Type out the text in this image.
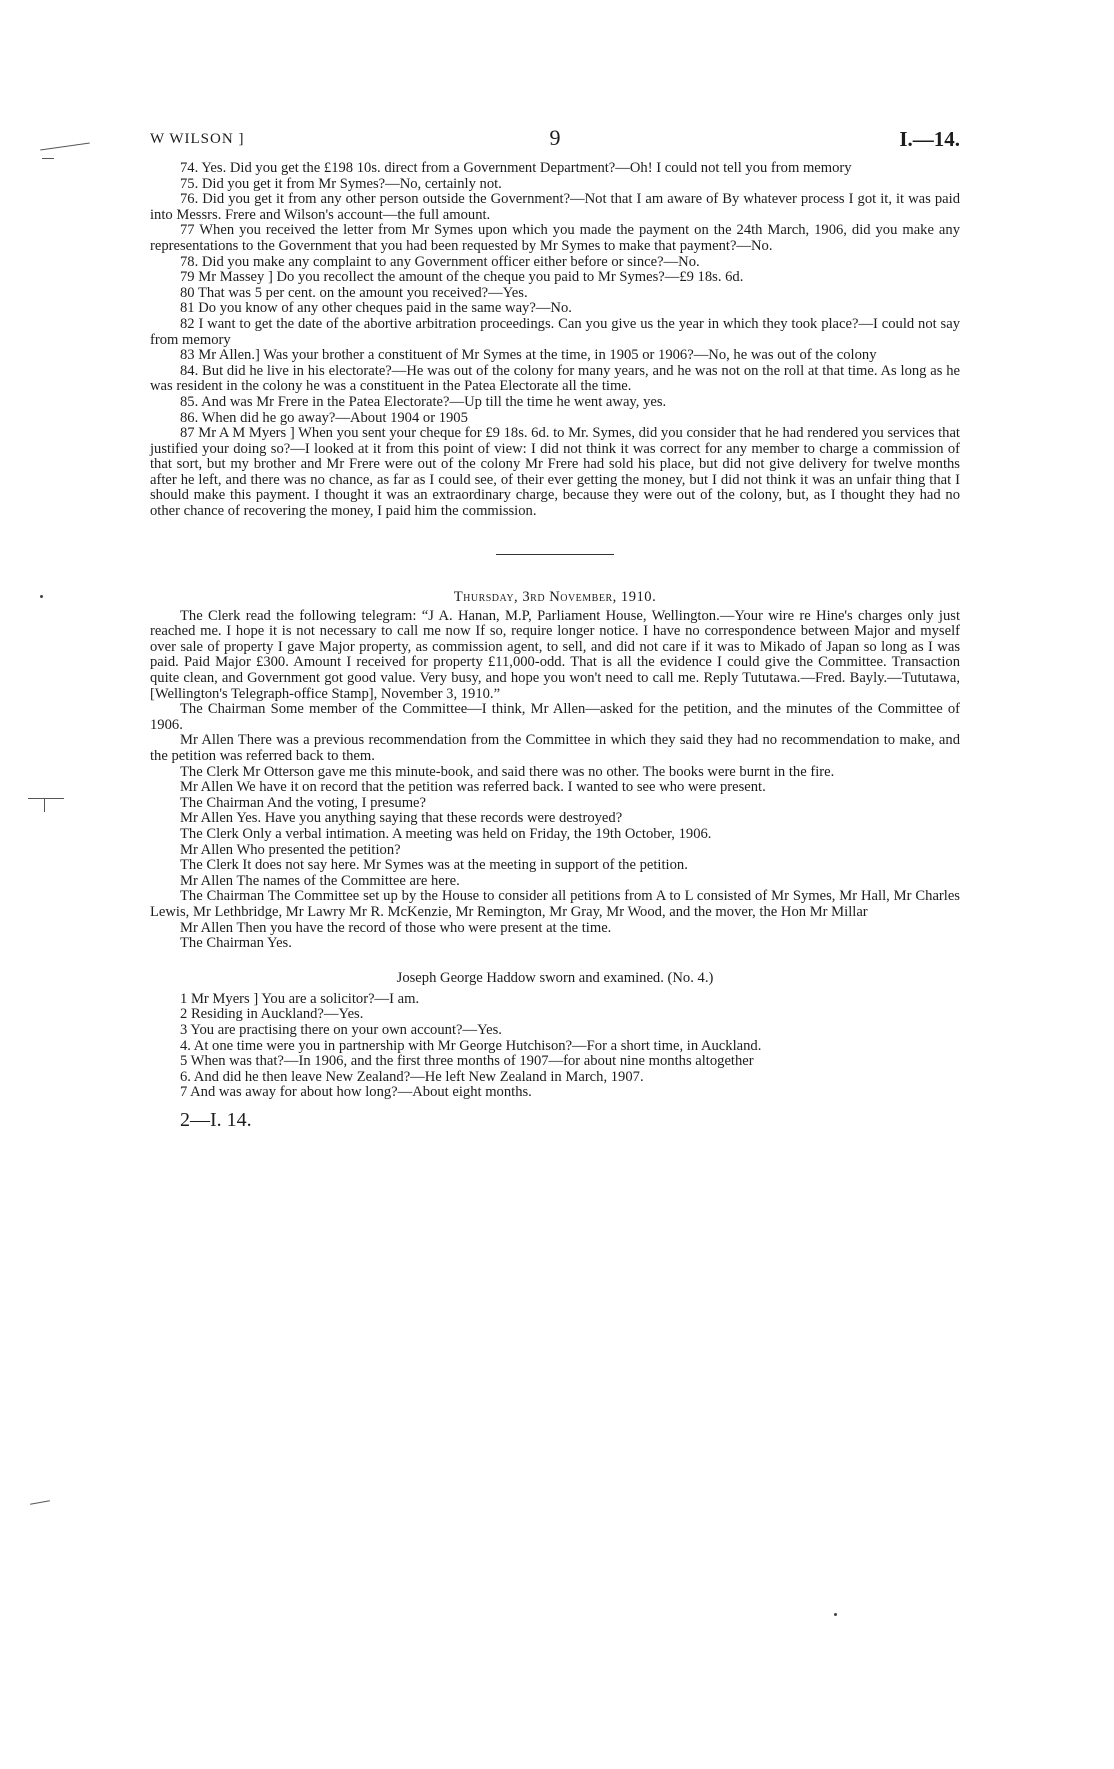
W WILSON ]	9	I.—14.

74. Yes. Did you get the £198 10s. direct from a Government Department?—Oh! I could not tell you from memory

75. Did you get it from Mr Symes?—No, certainly not.

76. Did you get it from any other person outside the Government?—Not that I am aware of By whatever process I got it, it was paid into Messrs. Frere and Wilson's account—the full amount.

77 When you received the letter from Mr Symes upon which you made the payment on the 24th March, 1906, did you make any representations to the Government that you had been requested by Mr Symes to make that payment?—No.

78. Did you make any complaint to any Government officer either before or since?—No.

79 Mr Massey ] Do you recollect the amount of the cheque you paid to Mr Symes?—£9 18s. 6d.

80 That was 5 per cent. on the amount you received?—Yes.

81 Do you know of any other cheques paid in the same way?—No.

82 I want to get the date of the abortive arbitration proceedings. Can you give us the year in which they took place?—I could not say from memory

83 Mr Allen.] Was your brother a constituent of Mr Symes at the time, in 1905 or 1906?—No, he was out of the colony

84. But did he live in his electorate?—He was out of the colony for many years, and he was not on the roll at that time. As long as he was resident in the colony he was a constituent in the Patea Electorate all the time.

85. And was Mr Frere in the Patea Electorate?—Up till the time he went away, yes.

86. When did he go away?—About 1904 or 1905

87 Mr A M Myers ] When you sent your cheque for £9 18s. 6d. to Mr. Symes, did you consider that he had rendered you services that justified your doing so?—I looked at it from this point of view: I did not think it was correct for any member to charge a commission of that sort, but my brother and Mr Frere were out of the colony Mr Frere had sold his place, but did not give delivery for twelve months after he left, and there was no chance, as far as I could see, of their ever getting the money, but I did not think it was an unfair thing that I should make this payment. I thought it was an extraordinary charge, because they were out of the colony, but, as I thought they had no other chance of recovering the money, I paid him the commission.

Thursday, 3rd November, 1910.

The Clerk read the following telegram: “J A. Hanan, M.P, Parliament House, Wellington.—Your wire re Hine's charges only just reached me. I hope it is not necessary to call me now If so, require longer notice. I have no correspondence between Major and myself over sale of property I gave Major property, as commission agent, to sell, and did not care if it was to Mikado of Japan so long as I was paid. Paid Major £300. Amount I received for property £11,000-odd. That is all the evidence I could give the Committee. Transaction quite clean, and Government got good value. Very busy, and hope you won't need to call me. Reply Tututawa.—Fred. Bayly.—Tututawa, [Wellington's Telegraph-office Stamp], November 3, 1910.”

The Chairman Some member of the Committee—I think, Mr Allen—asked for the petition, and the minutes of the Committee of 1906.

Mr Allen There was a previous recommendation from the Committee in which they said they had no recommendation to make, and the petition was referred back to them.

The Clerk Mr Otterson gave me this minute-book, and said there was no other. The books were burnt in the fire.

Mr Allen We have it on record that the petition was referred back. I wanted to see who were present.

The Chairman And the voting, I presume?

Mr Allen Yes. Have you anything saying that these records were destroyed?

The Clerk Only a verbal intimation. A meeting was held on Friday, the 19th October, 1906.

Mr Allen Who presented the petition?

The Clerk It does not say here. Mr Symes was at the meeting in support of the petition.

Mr Allen The names of the Committee are here.

The Chairman The Committee set up by the House to consider all petitions from A to L consisted of Mr Symes, Mr Hall, Mr Charles Lewis, Mr Lethbridge, Mr Lawry Mr R. McKenzie, Mr Remington, Mr Gray, Mr Wood, and the mover, the Hon Mr Millar

Mr Allen Then you have the record of those who were present at the time.

The Chairman Yes.

Joseph George Haddow sworn and examined. (No. 4.)

1 Mr Myers ] You are a solicitor?—I am.

2 Residing in Auckland?—Yes.

3 You are practising there on your own account?—Yes.

4. At one time were you in partnership with Mr George Hutchison?—For a short time, in Auckland.

5 When was that?—In 1906, and the first three months of 1907—for about nine months altogether

6. And did he then leave New Zealand?—He left New Zealand in March, 1907.

7 And was away for about how long?—About eight months.

2—I. 14.
